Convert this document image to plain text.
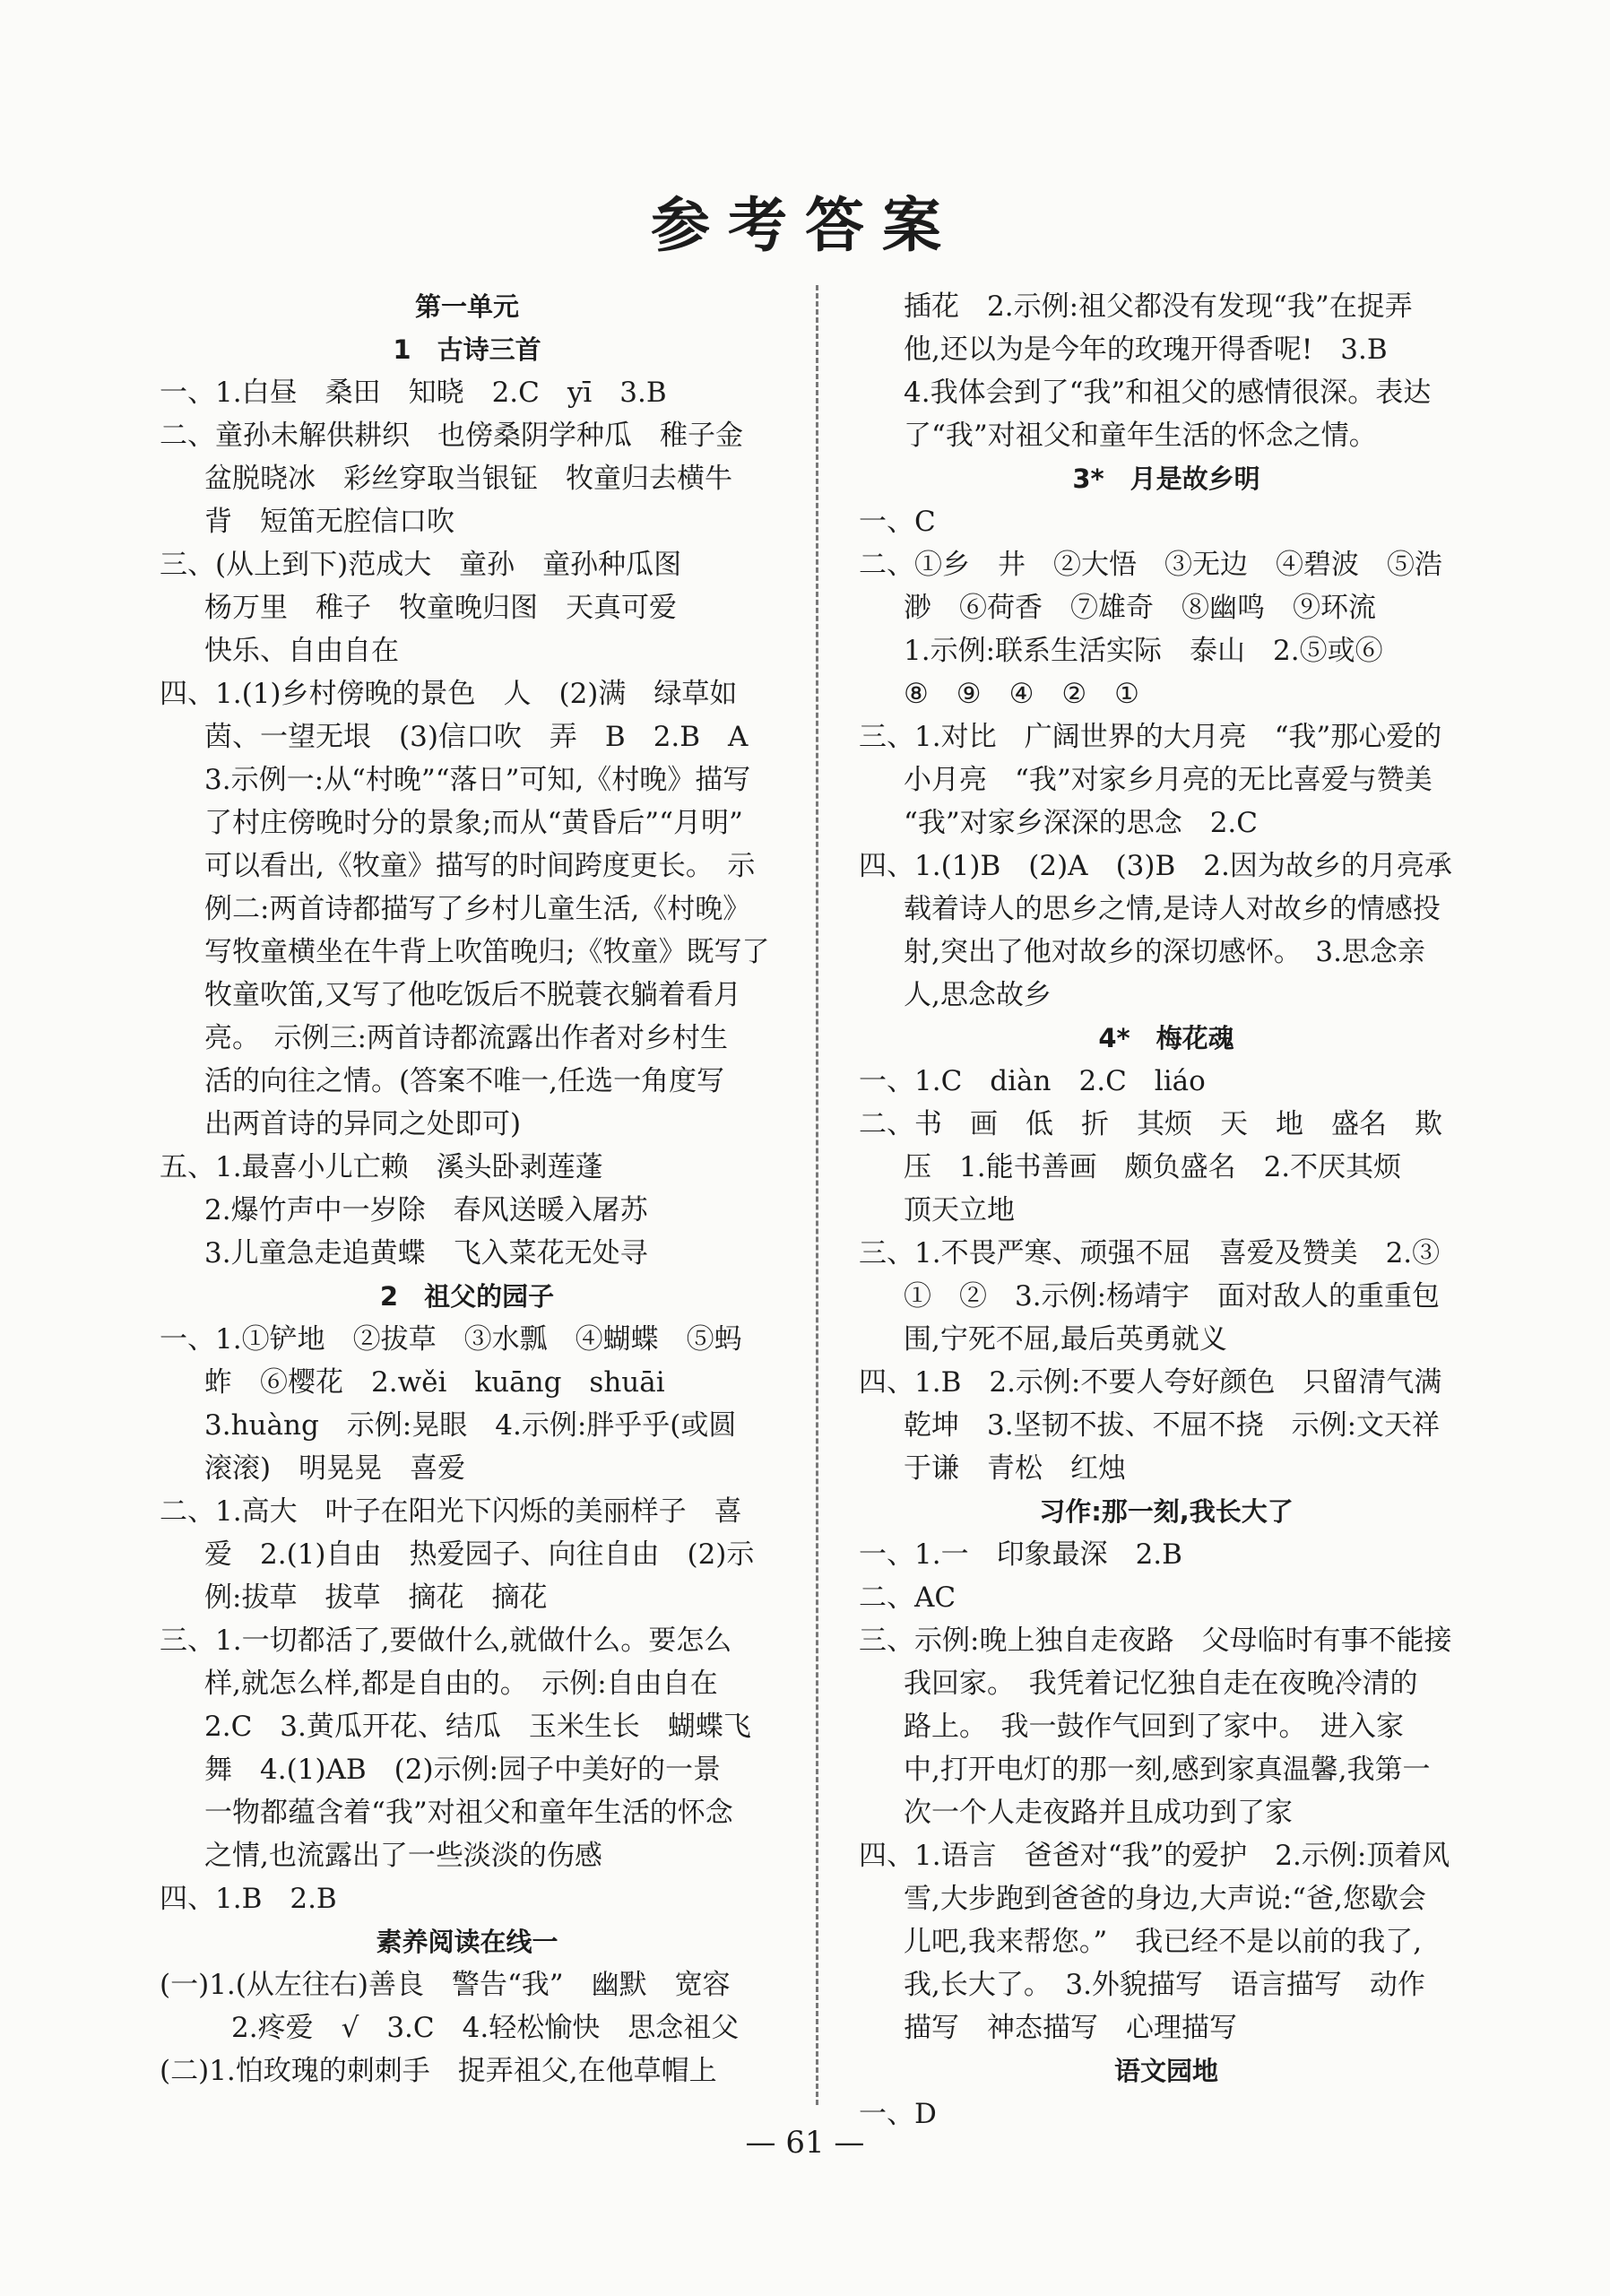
参考答案
第一单元
1　古诗三首
一、1.白昼　桑田　知晓　2.C　yī　3.B
二、童孙未解供耕织　也傍桑阴学种瓜　稚子金
盆脱晓冰　彩丝穿取当银钲　牧童归去横牛
背　短笛无腔信口吹
三、(从上到下)范成大　童孙　童孙种瓜图
杨万里　稚子　牧童晚归图　天真可爱
快乐、自由自在
四、1.(1)乡村傍晚的景色　人　(2)满　绿草如
茵、一望无垠　(3)信口吹　弄　B　2.B　A
3.示例一:从“村晚”“落日”可知,《村晚》描写
了村庄傍晚时分的景象;而从“黄昏后”“月明”
可以看出,《牧童》描写的时间跨度更长。　示
例二:两首诗都描写了乡村儿童生活,《村晚》
写牧童横坐在牛背上吹笛晚归;《牧童》既写了
牧童吹笛,又写了他吃饭后不脱蓑衣躺着看月
亮。　示例三:两首诗都流露出作者对乡村生
活的向往之情。(答案不唯一,任选一角度写
出两首诗的异同之处即可)
五、1.最喜小儿亡赖　溪头卧剥莲蓬
2.爆竹声中一岁除　春风送暖入屠苏
3.儿童急走追黄蝶　飞入菜花无处寻
2　祖父的园子
一、1.①铲地　②拔草　③水瓢　④蝴蝶　⑤蚂
蚱　⑥樱花　2.wěi　kuāng　shuāi
3.huàng　示例:晃眼　4.示例:胖乎乎(或圆
滚滚)　明晃晃　喜爱
二、1.高大　叶子在阳光下闪烁的美丽样子　喜
爱　2.(1)自由　热爱园子、向往自由　(2)示
例:拔草　拔草　摘花　摘花
三、1.一切都活了,要做什么,就做什么。要怎么
样,就怎么样,都是自由的。　示例:自由自在
2.C　3.黄瓜开花、结瓜　玉米生长　蝴蝶飞
舞　4.(1)AB　(2)示例:园子中美好的一景
一物都蕴含着“我”对祖父和童年生活的怀念
之情,也流露出了一些淡淡的伤感
四、1.B　2.B
素养阅读在线一
(一)1.(从左往右)善良　警告“我”　幽默　宽容
2.疼爱　√　3.C　4.轻松愉快　思念祖父
(二)1.怕玫瑰的刺刺手　捉弄祖父,在他草帽上
插花　2.示例:祖父都没有发现“我”在捉弄
他,还以为是今年的玫瑰开得香呢!　3.B
4.我体会到了“我”和祖父的感情很深。表达
了“我”对祖父和童年生活的怀念之情。
3*　月是故乡明
一、C
二、①乡　井　②大悟　③无边　④碧波　⑤浩
渺　⑥荷香　⑦雄奇　⑧幽鸣　⑨环流
1.示例:联系生活实际　泰山　2.⑤或⑥
⑧　⑨　④　②　①
三、1.对比　广阔世界的大月亮　“我”那心爱的
小月亮　“我”对家乡月亮的无比喜爱与赞美
“我”对家乡深深的思念　2.C
四、1.(1)B　(2)A　(3)B　2.因为故乡的月亮承
载着诗人的思乡之情,是诗人对故乡的情感投
射,突出了他对故乡的深切感怀。　3.思念亲
人,思念故乡
4*　梅花魂
一、1.C　diàn　2.C　liáo
二、书　画　低　折　其烦　天　地　盛名　欺
压　1.能书善画　颇负盛名　2.不厌其烦
顶天立地
三、1.不畏严寒、顽强不屈　喜爱及赞美　2.③
①　②　3.示例:杨靖宇　面对敌人的重重包
围,宁死不屈,最后英勇就义
四、1.B　2.示例:不要人夸好颜色　只留清气满
乾坤　3.坚韧不拔、不屈不挠　示例:文天祥
于谦　青松　红烛
习作:那一刻,我长大了
一、1.一　印象最深　2.B
二、AC
三、示例:晚上独自走夜路　父母临时有事不能接
我回家。　我凭着记忆独自走在夜晚冷清的
路上。　我一鼓作气回到了家中。　进入家
中,打开电灯的那一刻,感到家真温馨,我第一
次一个人走夜路并且成功到了家
四、1.语言　爸爸对“我”的爱护　2.示例:顶着风
雪,大步跑到爸爸的身边,大声说:“爸,您歇会
儿吧,我来帮您。”　我已经不是以前的我了,
我,长大了。　3.外貌描写　语言描写　动作
描写　神态描写　心理描写
语文园地
一、D
— 61 —
